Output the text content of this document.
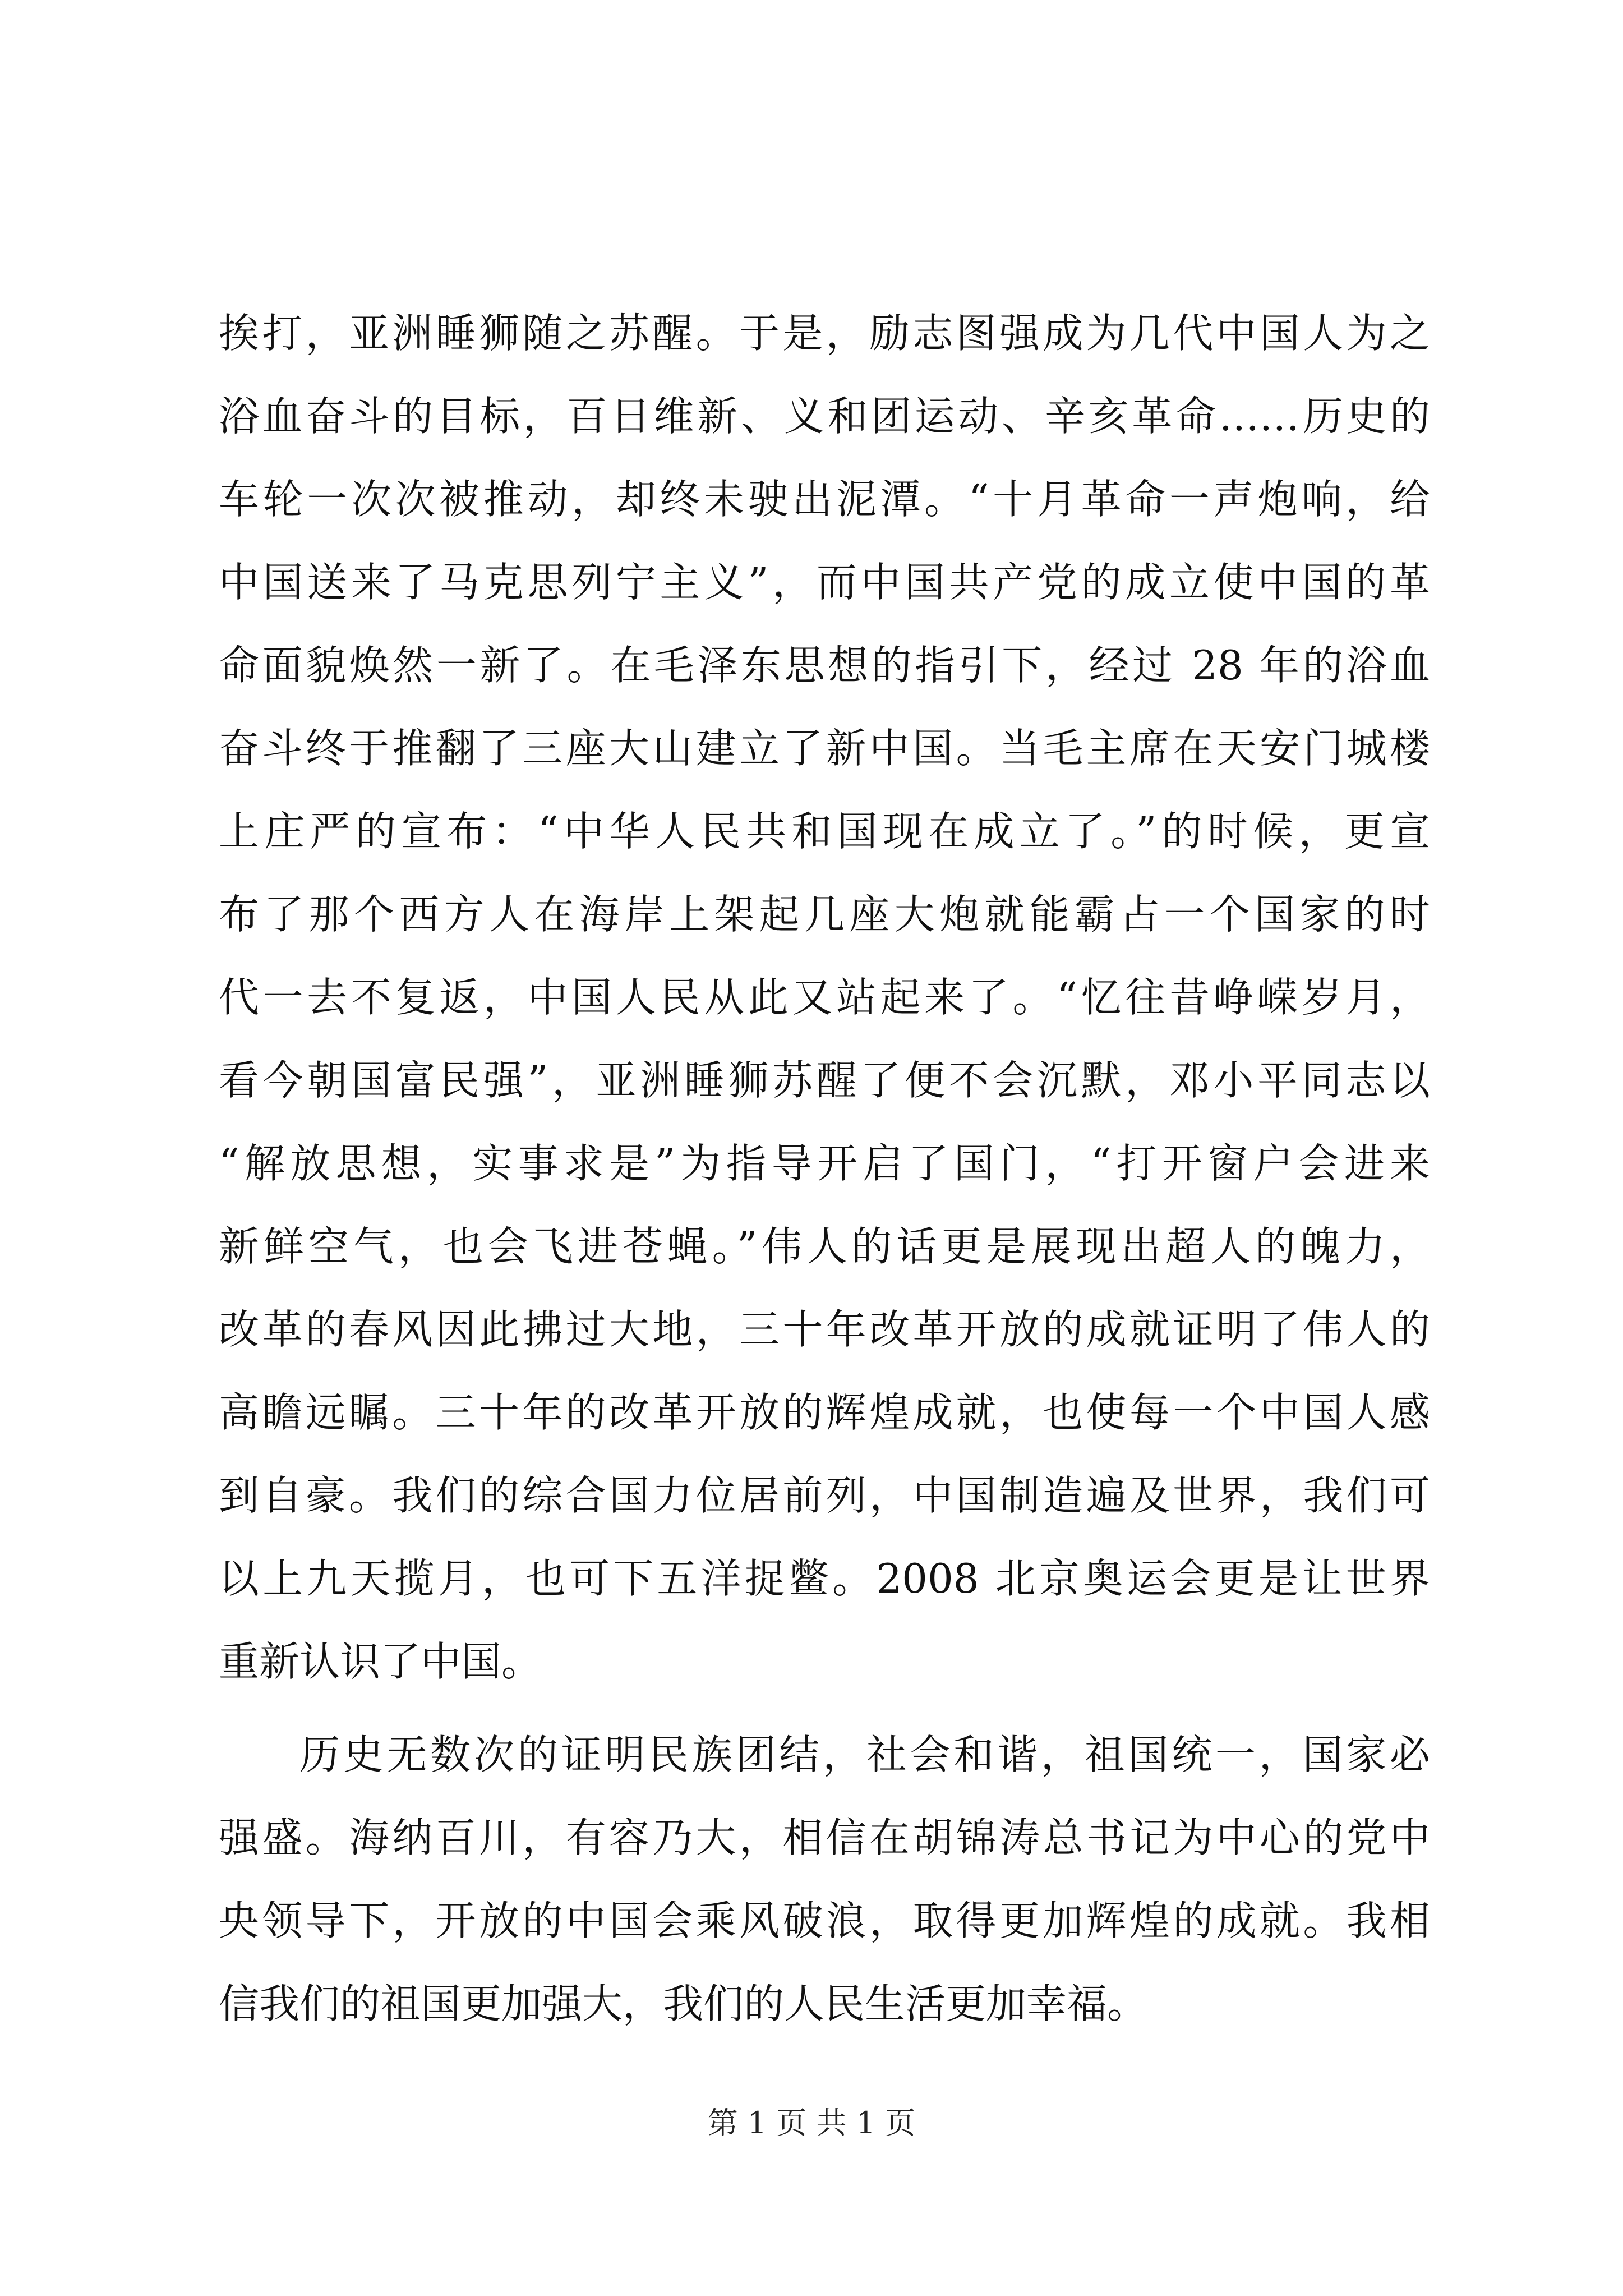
挨打，亚洲睡狮随之苏醒。于是，励志图强成为几代中国人为之
浴血奋斗的目标，百日维新、义和团运动、辛亥革命……历史的
车轮一次次被推动，却终未驶出泥潭。“十月革命一声炮响，给
中国送来了马克思列宁主义”，而中国共产党的成立使中国的革
命面貌焕然一新了。在毛泽东思想的指引下，经过 28 年的浴血
奋斗终于推翻了三座大山建立了新中国。当毛主席在天安门城楼
上庄严的宣布：“中华人民共和国现在成立了。”的时候，更宣
布了那个西方人在海岸上架起几座大炮就能霸占一个国家的时
代一去不复返，中国人民从此又站起来了。“忆往昔峥嵘岁月，
看今朝国富民强”，亚洲睡狮苏醒了便不会沉默，邓小平同志以
“解放思想，实事求是”为指导开启了国门，“打开窗户会进来
新鲜空气，也会飞进苍蝇。”伟人的话更是展现出超人的魄力，
改革的春风因此拂过大地，三十年改革开放的成就证明了伟人的
高瞻远瞩。三十年的改革开放的辉煌成就，也使每一个中国人感
到自豪。我们的综合国力位居前列，中国制造遍及世界，我们可
以上九天揽月，也可下五洋捉鳖。2008 北京奥运会更是让世界
重新认识了中国。
历史无数次的证明民族团结，社会和谐，祖国统一，国家必
强盛。海纳百川，有容乃大，相信在胡锦涛总书记为中心的党中
央领导下，开放的中国会乘风破浪，取得更加辉煌的成就。我相
信我们的祖国更加强大，我们的人民生活更加幸福。
第 1 页 共 1 页
